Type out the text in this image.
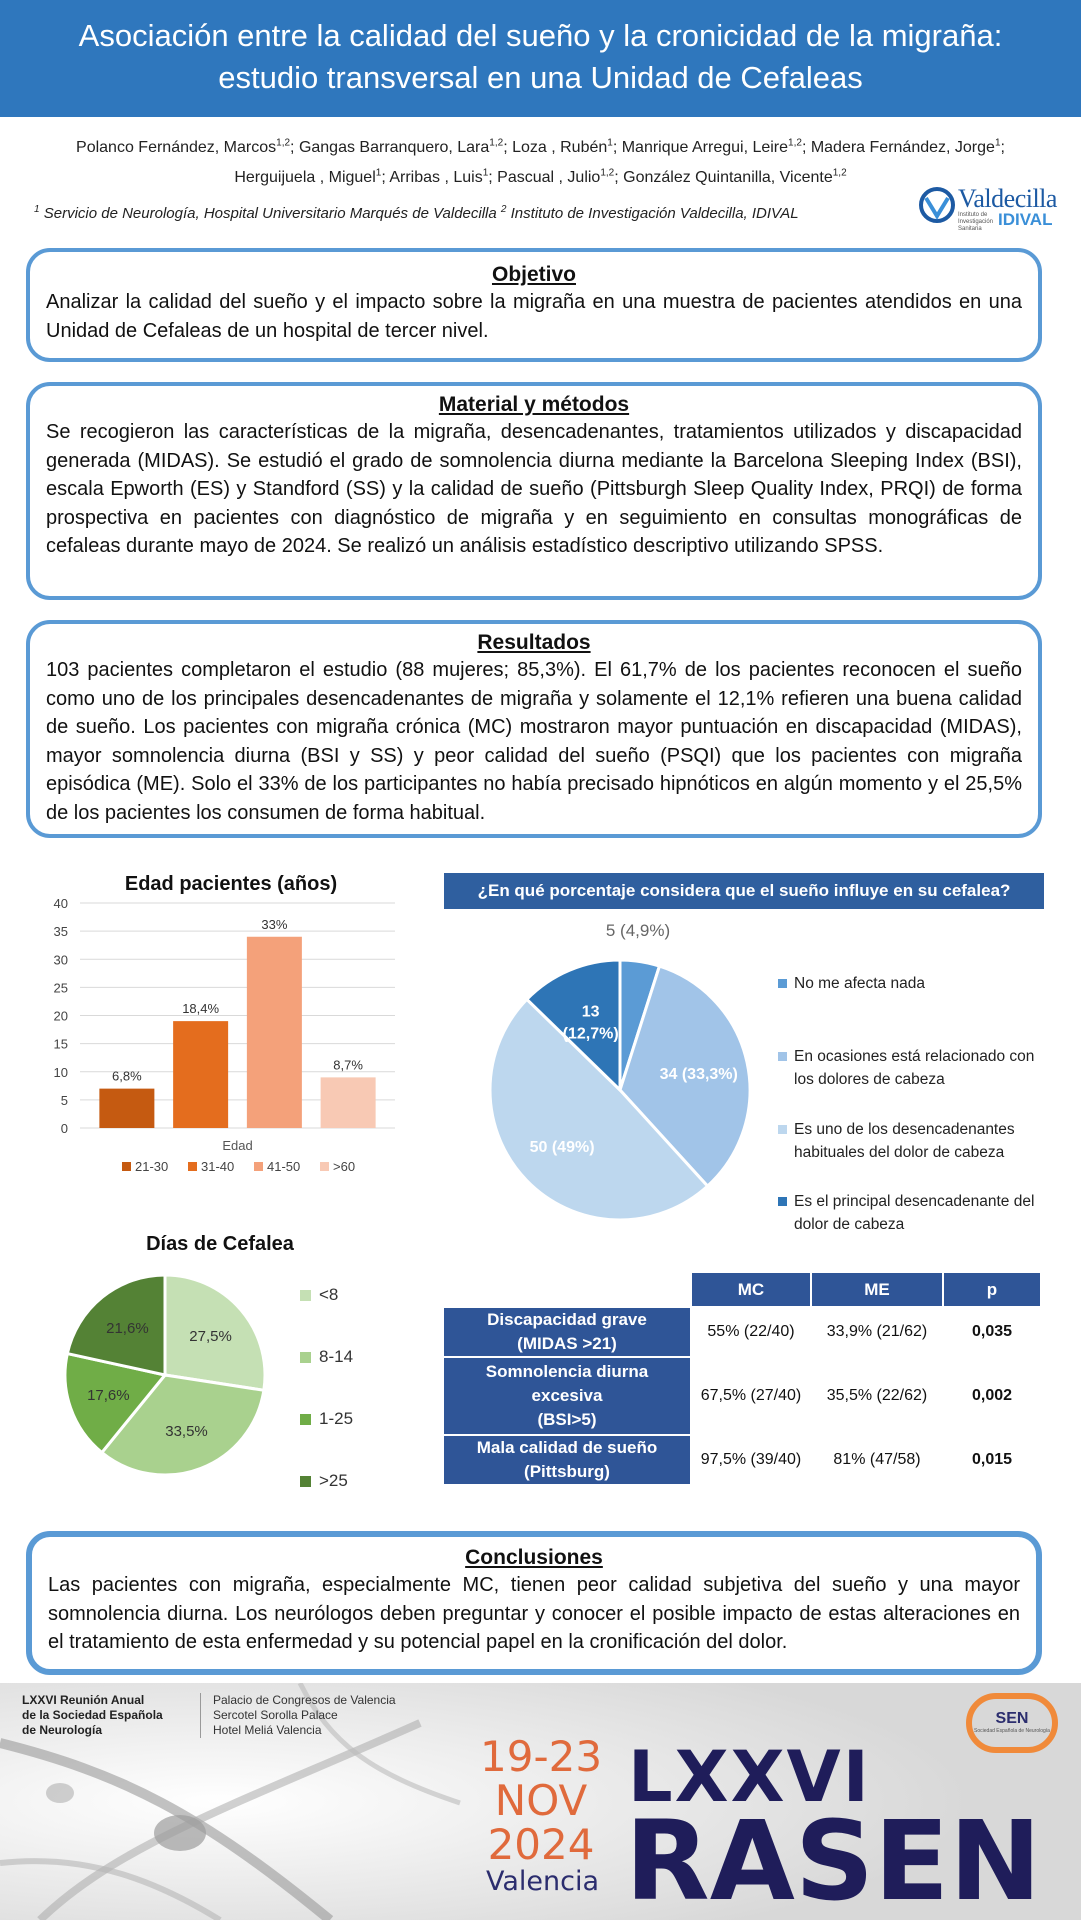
Asociación entre la calidad del sueño y la cronicidad de la migraña:
estudio transversal en una Unidad de Cefaleas
Polanco Fernández, Marcos$^{1,2}$; Gangas Barranquero, Lara$^{1,2}$; Loza , Rubén$^1$; Manrique Arregui, Leire$^{1,2}$; Madera Fernández, Jorge$^1$;
Herguijuela , Miguel$^1$; Arribas , Luis$^1$; Pascual , Julio$^{1,2}$; González Quintanilla, Vicente$^{1,2}$
$^1$ Servicio de Neurología, Hospital Universitario Marqués de Valdecilla $^2$ Instituto de Investigación Valdecilla, IDIVAL
Valdecilla
Instituto de Investigación Sanitaria IDIVAL
Objetivo

Analizar la calidad del sueño y el impacto sobre la migraña en una muestra de pacientes atendidos en una Unidad de Cefaleas de un hospital de tercer nivel.

Material y métodos

Se recogieron las características de la migraña, desencadenantes, tratamientos utilizados y discapacidad generada (MIDAS). Se estudió el grado de somnolencia diurna mediante la Barcelona Sleeping Index (BSI), escala Epworth (ES) y Standford (SS) y la calidad de sueño (Pittsburgh Sleep Quality Index, PRQI) de forma prospectiva en pacientes con diagnóstico de migraña y en seguimiento en consultas monográficas de cefaleas durante mayo de 2024. Se realizó un análisis estadístico descriptivo utilizando SPSS.

Resultados

103 pacientes completaron el estudio (88 mujeres; 85,3%). El 61,7% de los pacientes reconocen el sueño como uno de los principales desencadenantes de migraña y solamente el 12,1% refieren una buena calidad de sueño. Los pacientes con migraña crónica (MC) mostraron mayor puntuación en discapacidad (MIDAS), mayor somnolencia diurna (BSI y SS) y peor calidad del sueño (PSQI) que los pacientes con migraña episódica (ME). Solo el 33% de los participantes no había precisado hipnóticos en algún momento y el 25,5% de los pacientes los consumen de forma habitual.

Edad pacientes (años)
0
5
10
15
20
25
30
35
40
6,8%
18,4%
33%
8,7%
Edad
21-30	31-40	41-50	>60
¿En qué porcentaje considera que el sueño influye en su cefalea?
5 (4,9%)
34 (33,3%)
50 (49%)
13
(12,7%)
No me afecta nada
En ocasiones está relacionado con los dolores de cabeza
Es uno de los desencadenantes habituales del dolor de cabeza
Es el principal desencadenante del dolor de cabeza
Días de Cefalea
27,5%
33,5%
17,6%
21,6%
<8
8-14
1-25
>25
	MC	ME	p
Discapacidad grave
(MIDAS >21)	55% (22/40)	33,9% (21/62)	0,035
Somnolencia diurna
excesiva
(BSI>5)	67,5% (27/40)	35,5% (22/62)	0,002
Mala calidad de sueño
(Pittsburg)	97,5% (39/40)	81% (47/58)	0,015
Conclusiones

Las pacientes con migraña, especialmente MC, tienen peor calidad subjetiva del sueño y una mayor somnolencia diurna. Los neurólogos deben preguntar y conocer el posible impacto de estas alteraciones en el tratamiento de esta enfermedad y su potencial papel en la cronificación del dolor.

LXXVI Reunión Anual
de la Sociedad Española
de Neurología
Palacio de Congresos de Valencia
Sercotel Sorolla Palace
Hotel Meliá Valencia
19-23
NOV
2024
Valencia
LXXVI
RASEN
SEN
Sociedad Española de Neurología
